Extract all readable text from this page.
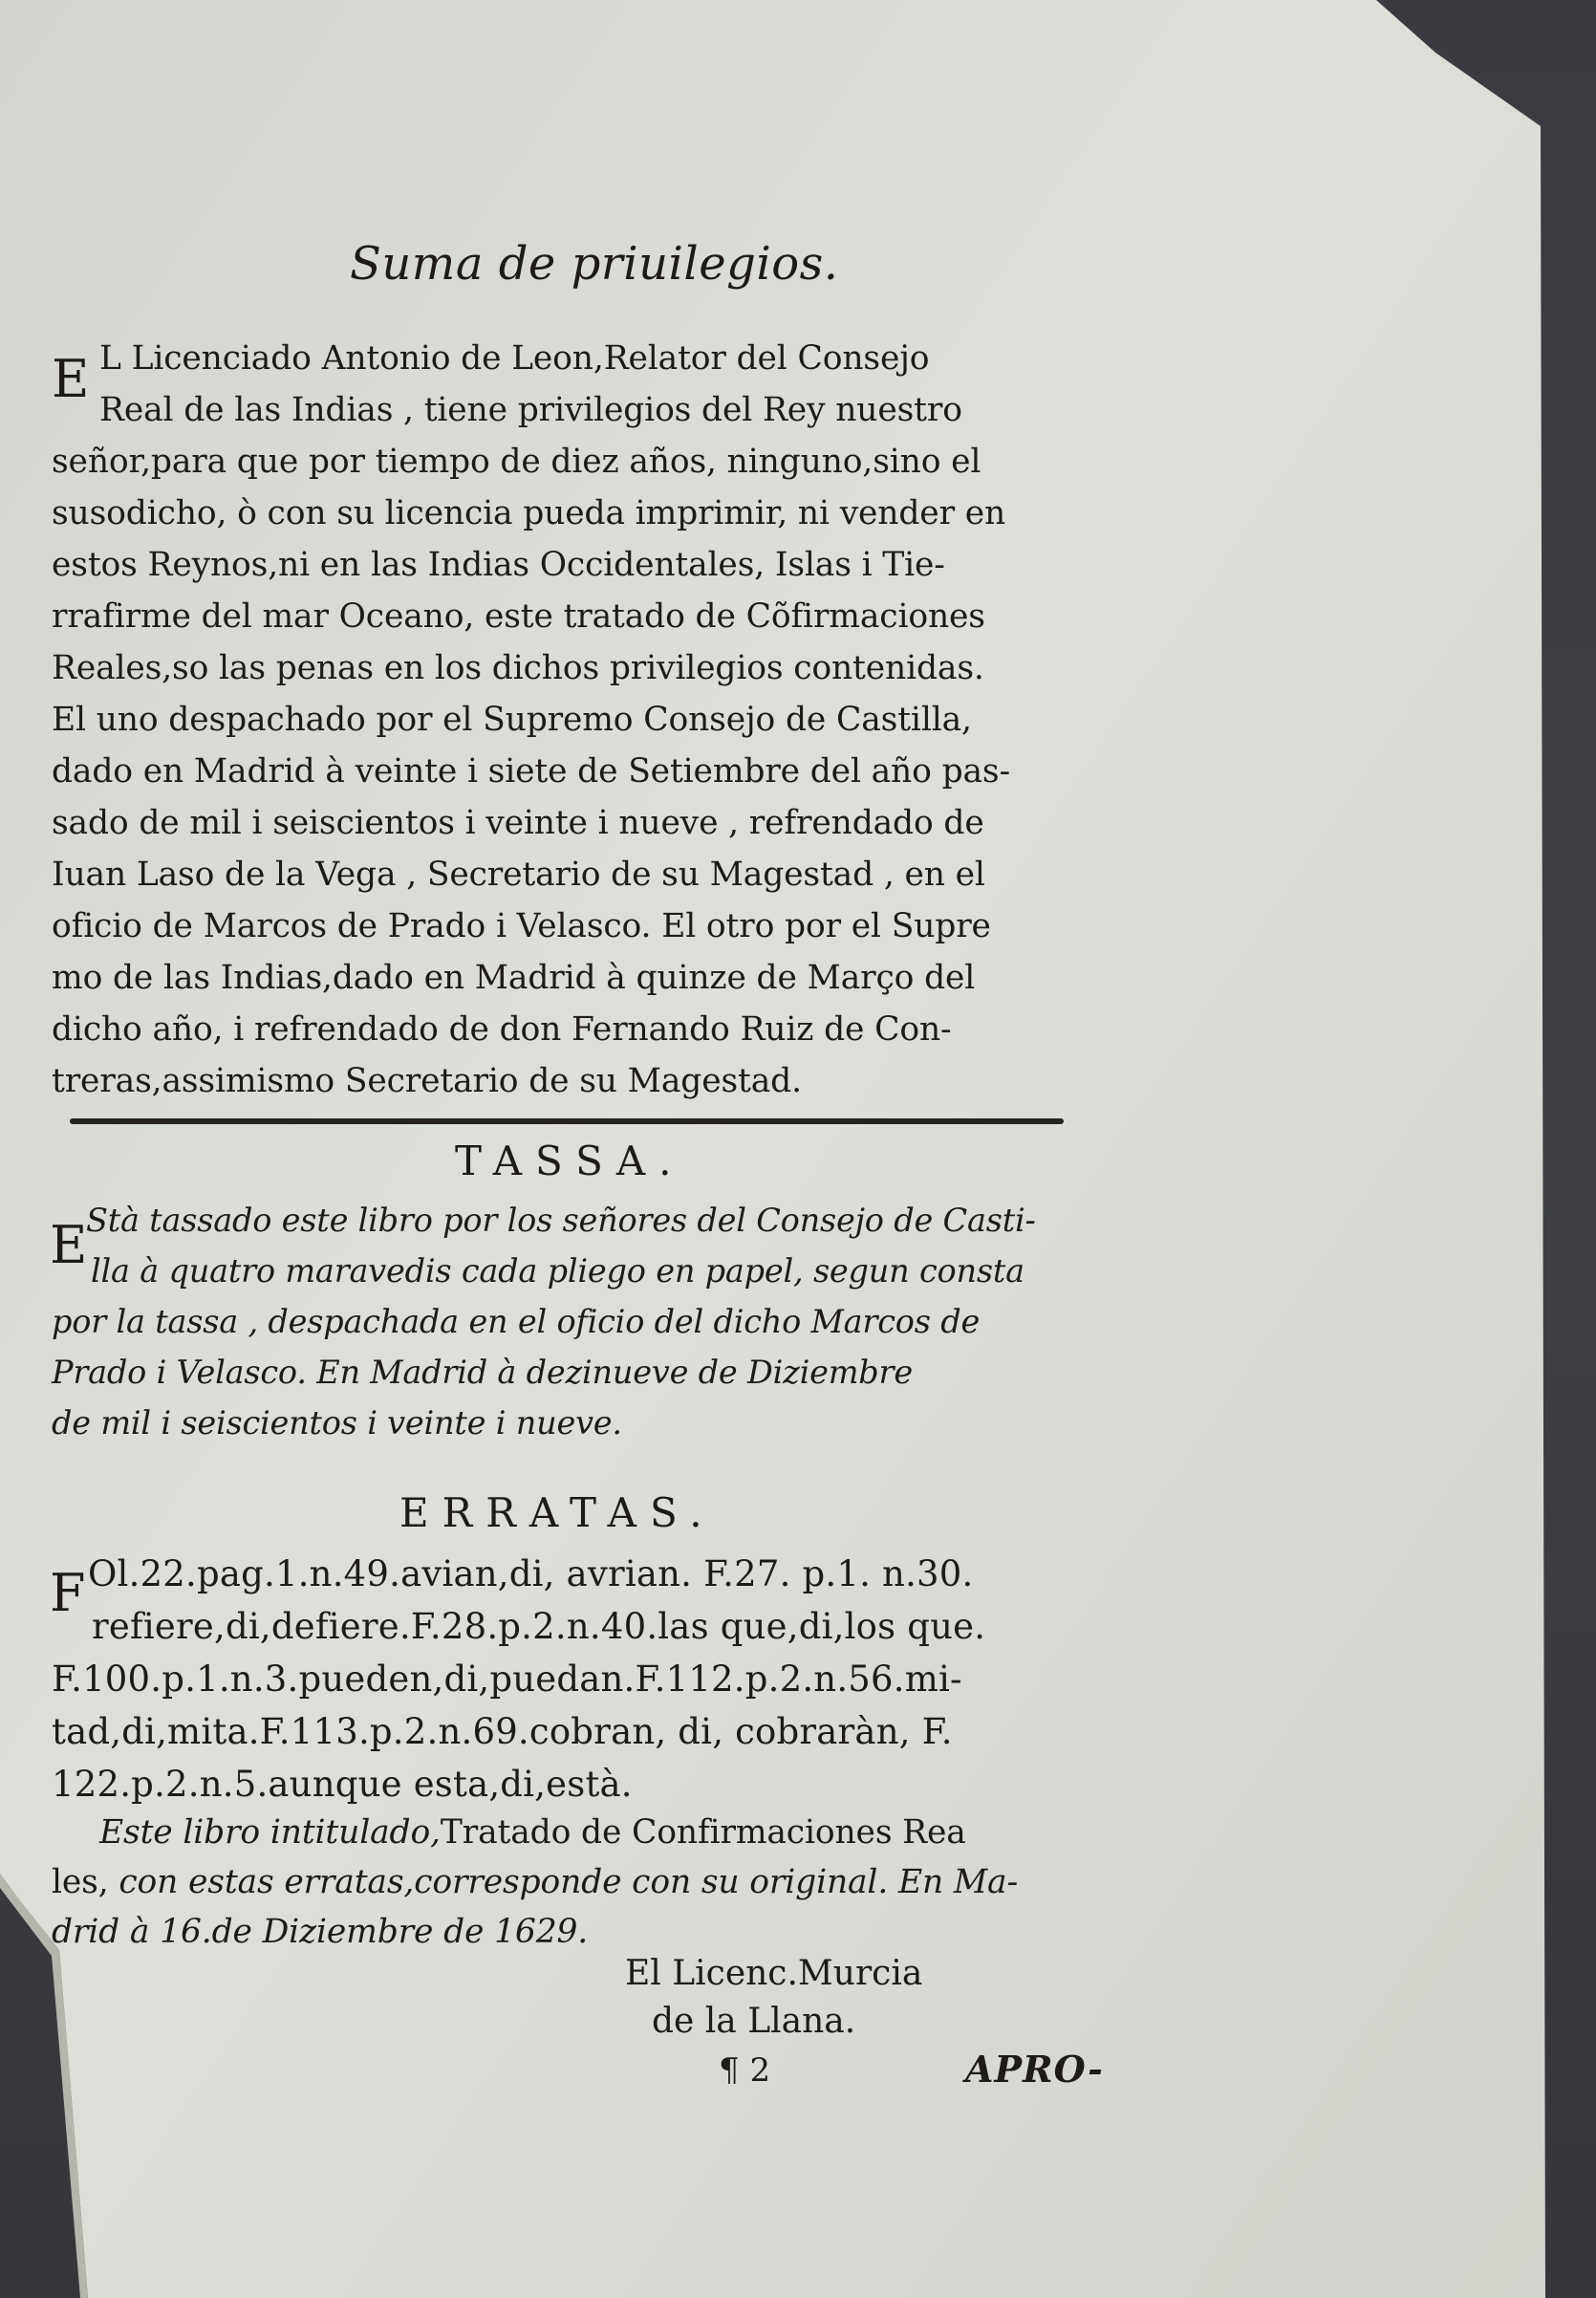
Suma de priuilegios.
E L Licenciado Antonio de Leon,Relator del Consejo
Real de las Indias , tiene privilegios del Rey nuestro
señor,para que por tiempo de diez años, ninguno,sino el
susodicho, ò con su licencia pueda imprimir, ni vender en
estos Reynos,ni en las Indias Occidentales, Islas i Tie-
rrafirme del mar Oceano, este tratado de Cõfirmaciones
Reales,so las penas en los dichos privilegios contenidas.
El uno despachado por el Supremo Consejo de Castilla,
dado en Madrid à veinte i siete de Setiembre del año pas-
sado de mil i seiscientos i veinte i nueve , refrendado de
Iuan Laso de la Vega , Secretario de su Magestad , en el
oficio de Marcos de Prado i Velasco. El otro por el Supre
mo de las Indias,dado en Madrid à quinze de Março del
dicho año, i refrendado de don Fernando Ruiz de Con-
treras,assimismo Secretario de su Magestad.
TASSA.
E
Stà tassado este libro por los señores del Consejo de Casti-
lla à quatro maravedis cada pliego en papel, segun consta
por la tassa , despachada en el oficio del dicho Marcos de
Prado i Velasco. En Madrid à dezinueve de Diziembre
de mil i seiscientos i veinte i nueve.
ERRATAS.
F Ol.22.pag.1.n.49.avian,di, avrian. F.27. p.1. n.30.
refiere,di,defiere.F.28.p.2.n.40.las que,di,los que.
F.100.p.1.n.3.pueden,di,puedan.F.112.p.2.n.56.mi-
tad,di,mita.F.113.p.2.n.69.cobran, di, cobraràn, F.
122.p.2.n.5.aunque esta,di,està.
Este libro intitulado,Tratado de Confirmaciones Rea
les, con estas erratas,corresponde con su original. En Ma-
drid à 16.de Diziembre de 1629.
El Licenc.Murcia
de la Llana.
¶ 2	APRO-
